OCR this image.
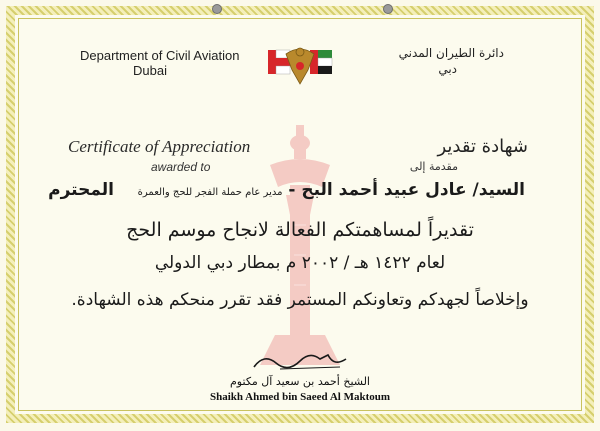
Department of Civil Aviation
Dubai
دائرة الطيران المدني
دبي
Certificate of Appreciation
awarded to
شهادة تقدير
مقدمة إلى
السيد/ عادل عبيد أحمد البح - مدير عام حملة الفجر للحج والعمرة    المحترم
تقديراً لمساهمتكم الفعالة لانجاح موسم الحج
لعام ١٤٢٢ هـ / ٢٠٠٢ م بمطار دبي الدولي
وإخلاصاً لجهدكم وتعاونكم المستمر فقد تقرر منحكم هذه الشهادة.
الشيخ أحمد بن سعيد آل مكتوم
Shaikh Ahmed bin Saeed Al Maktoum
